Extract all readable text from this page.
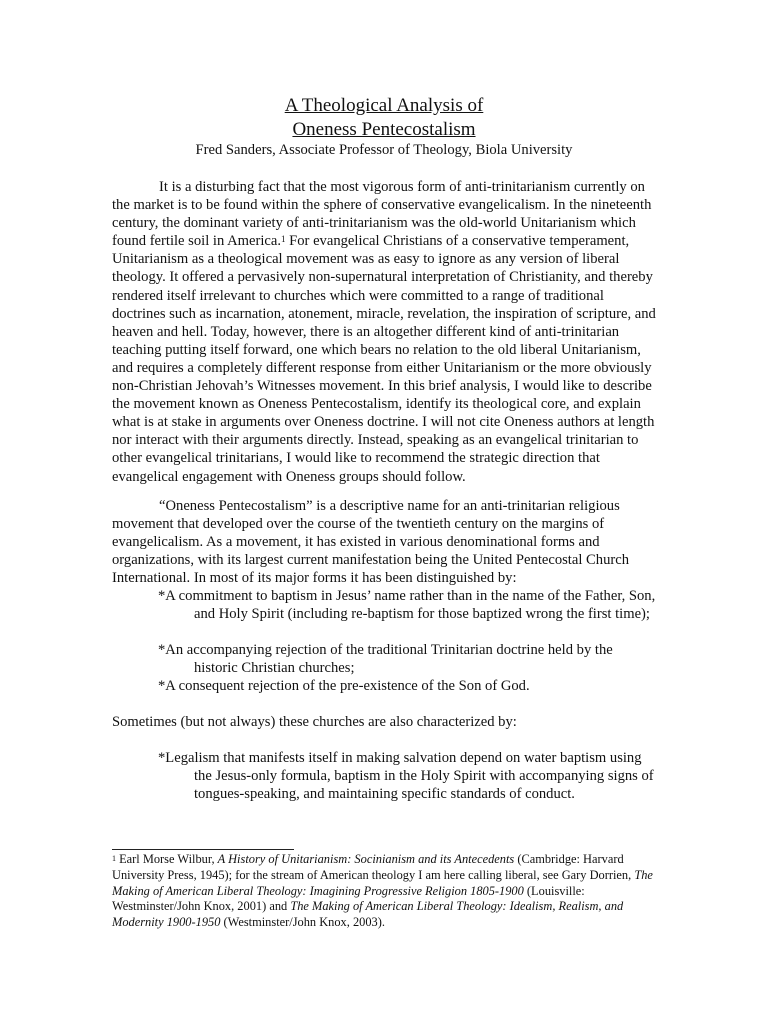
A Theological Analysis of
Oneness Pentecostalism
Fred Sanders, Associate Professor of Theology, Biola University

It is a disturbing fact that the most vigorous form of anti-trinitarianism currently on the market is to be found within the sphere of conservative evangelicalism. In the nineteenth century, the dominant variety of anti-trinitarianism was the old-world Unitarianism which found fertile soil in America.$^1$ For evangelical Christians of a conservative temperament, Unitarianism as a theological movement was as easy to ignore as any version of liberal theology. It offered a pervasively non-supernatural interpretation of Christianity, and thereby rendered itself irrelevant to churches which were committed to a range of traditional doctrines such as incarnation, atonement, miracle, revelation, the inspiration of scripture, and heaven and hell. Today, however, there is an altogether different kind of anti-trinitarian teaching putting itself forward, one which bears no relation to the old liberal Unitarianism, and requires a completely different response from either Unitarianism or the more obviously non-Christian Jehovah’s Witnesses movement. In this brief analysis, I would like to describe the movement known as Oneness Pentecostalism, identify its theological core, and explain what is at stake in arguments over Oneness doctrine. I will not cite Oneness authors at length nor interact with their arguments directly. Instead, speaking as an evangelical trinitarian to other evangelical trinitarians, I would like to recommend the strategic direction that evangelical engagement with Oneness groups should follow.

“Oneness Pentecostalism” is a descriptive name for an anti-trinitarian religious movement that developed over the course of the twentieth century on the margins of evangelicalism. As a movement, it has existed in various denominational forms and organizations, with its largest current manifestation being the United Pentecostal Church International. In most of its major forms it has been distinguished by:

*A commitment to baptism in Jesus’ name rather than in the name of the Father, Son, and Holy Spirit (including re-baptism for those baptized wrong the first time);

*An accompanying rejection of the traditional Trinitarian doctrine held by the historic Christian churches;

*A consequent rejection of the pre-existence of the Son of God.

Sometimes (but not always) these churches are also characterized by:

*Legalism that manifests itself in making salvation depend on water baptism using the Jesus-only formula, baptism in the Holy Spirit with accompanying signs of tongues-speaking, and maintaining specific standards of conduct.

$^1$ Earl Morse Wilbur, A History of Unitarianism: Socinianism and its Antecedents (Cambridge: Harvard University Press, 1945); for the stream of American theology I am here calling liberal, see Gary Dorrien, The Making of American Liberal Theology: Imagining Progressive Religion 1805-1900 (Louisville: Westminster/John Knox, 2001) and The Making of American Liberal Theology: Idealism, Realism, and Modernity 1900-1950 (Westminster/John Knox, 2003).
